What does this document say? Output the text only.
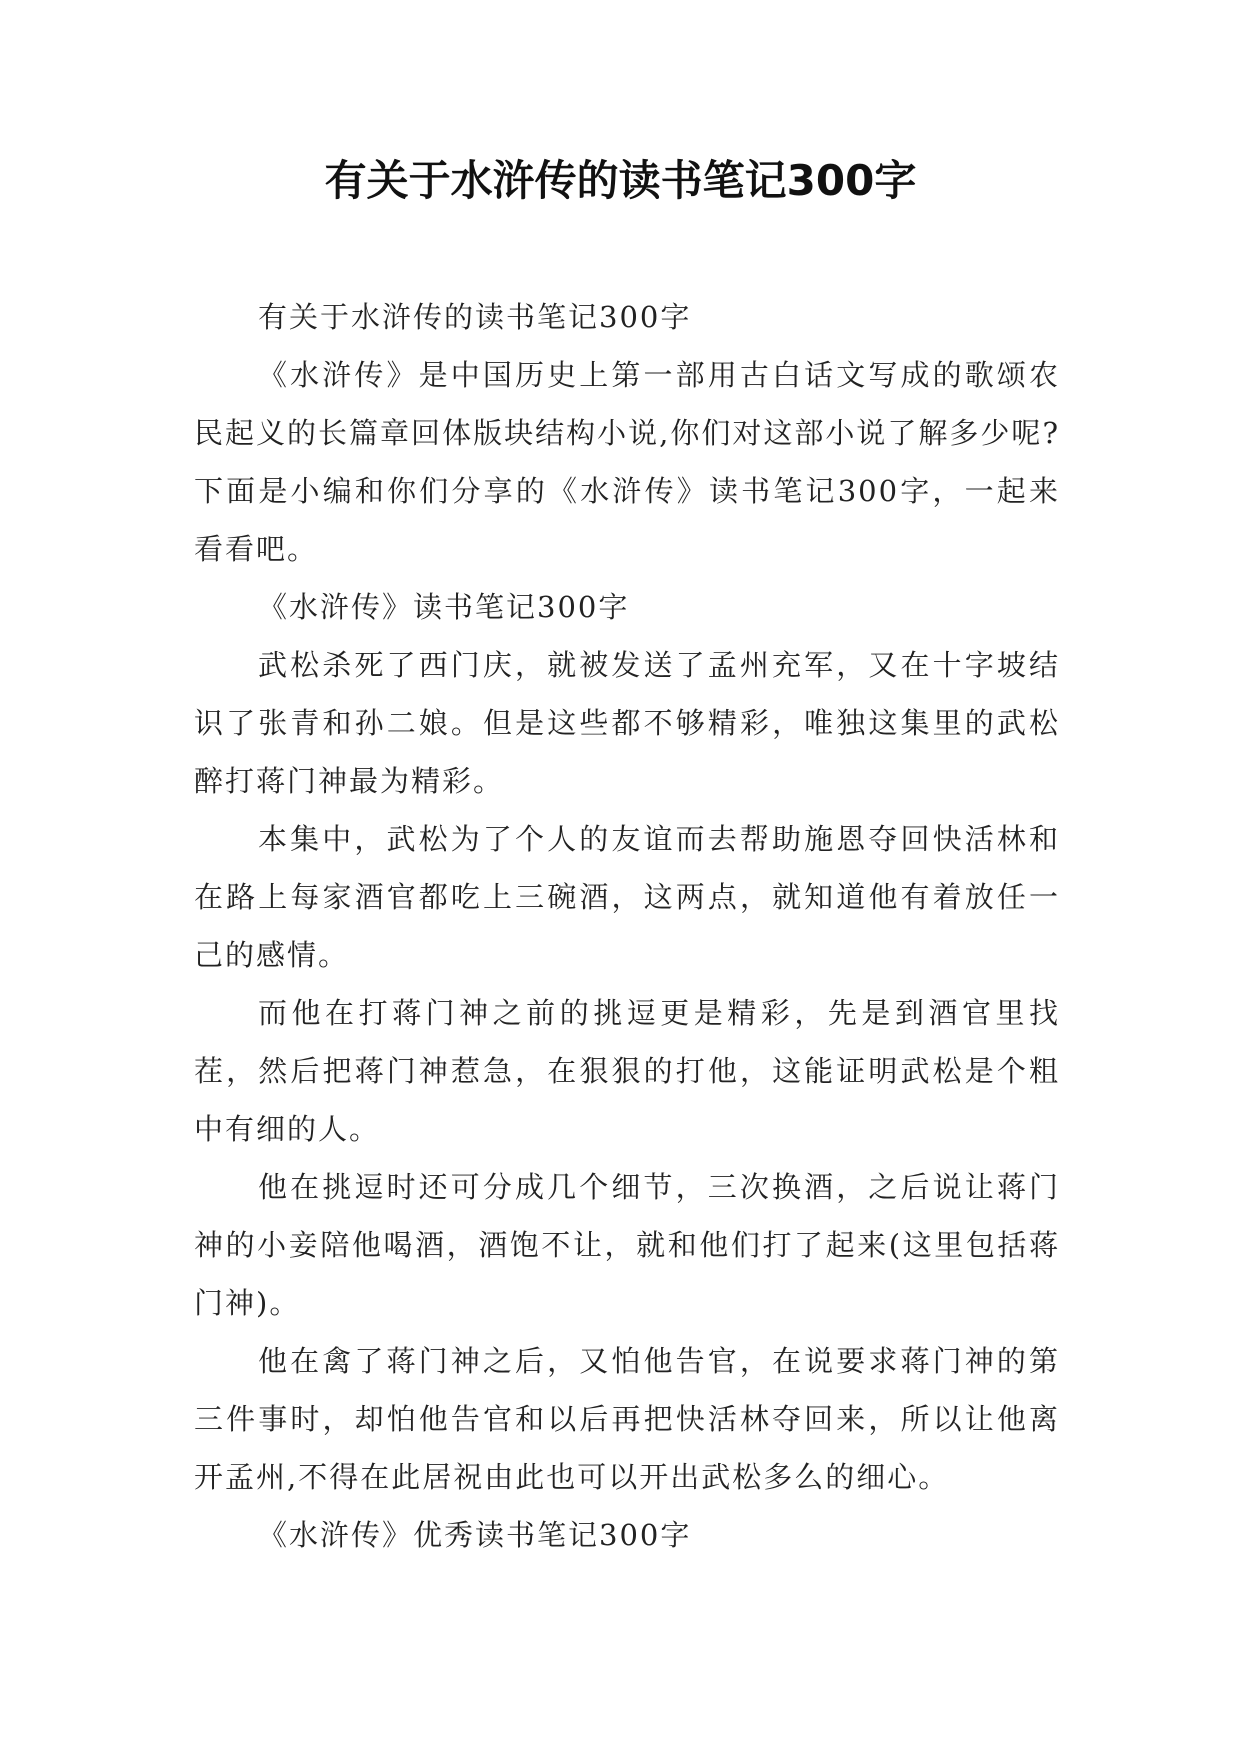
有关于水浒传的读书笔记300字

有关于水浒传的读书笔记300字

《水浒传》是中国历史上第一部用古白话文写成的歌颂农民起义的长篇章回体版块结构小说,你们对这部小说了解多少呢?下面是小编和你们分享的《水浒传》读书笔记300字，一起来看看吧。

《水浒传》读书笔记300字

武松杀死了西门庆，就被发送了孟州充军，又在十字坡结识了张青和孙二娘。但是这些都不够精彩，唯独这集里的武松醉打蒋门神最为精彩。

本集中，武松为了个人的友谊而去帮助施恩夺回快活林和在路上每家酒官都吃上三碗酒，这两点，就知道他有着放任一己的感情。

而他在打蒋门神之前的挑逗更是精彩，先是到酒官里找茬，然后把蒋门神惹急，在狠狠的打他，这能证明武松是个粗中有细的人。

他在挑逗时还可分成几个细节，三次换酒，之后说让蒋门神的小妾陪他喝酒，酒饱不让，就和他们打了起来(这里包括蒋门神)。

他在禽了蒋门神之后，又怕他告官，在说要求蒋门神的第三件事时，却怕他告官和以后再把快活林夺回来，所以让他离开孟州,不得在此居祝由此也可以开出武松多么的细心。

《水浒传》优秀读书笔记300字
